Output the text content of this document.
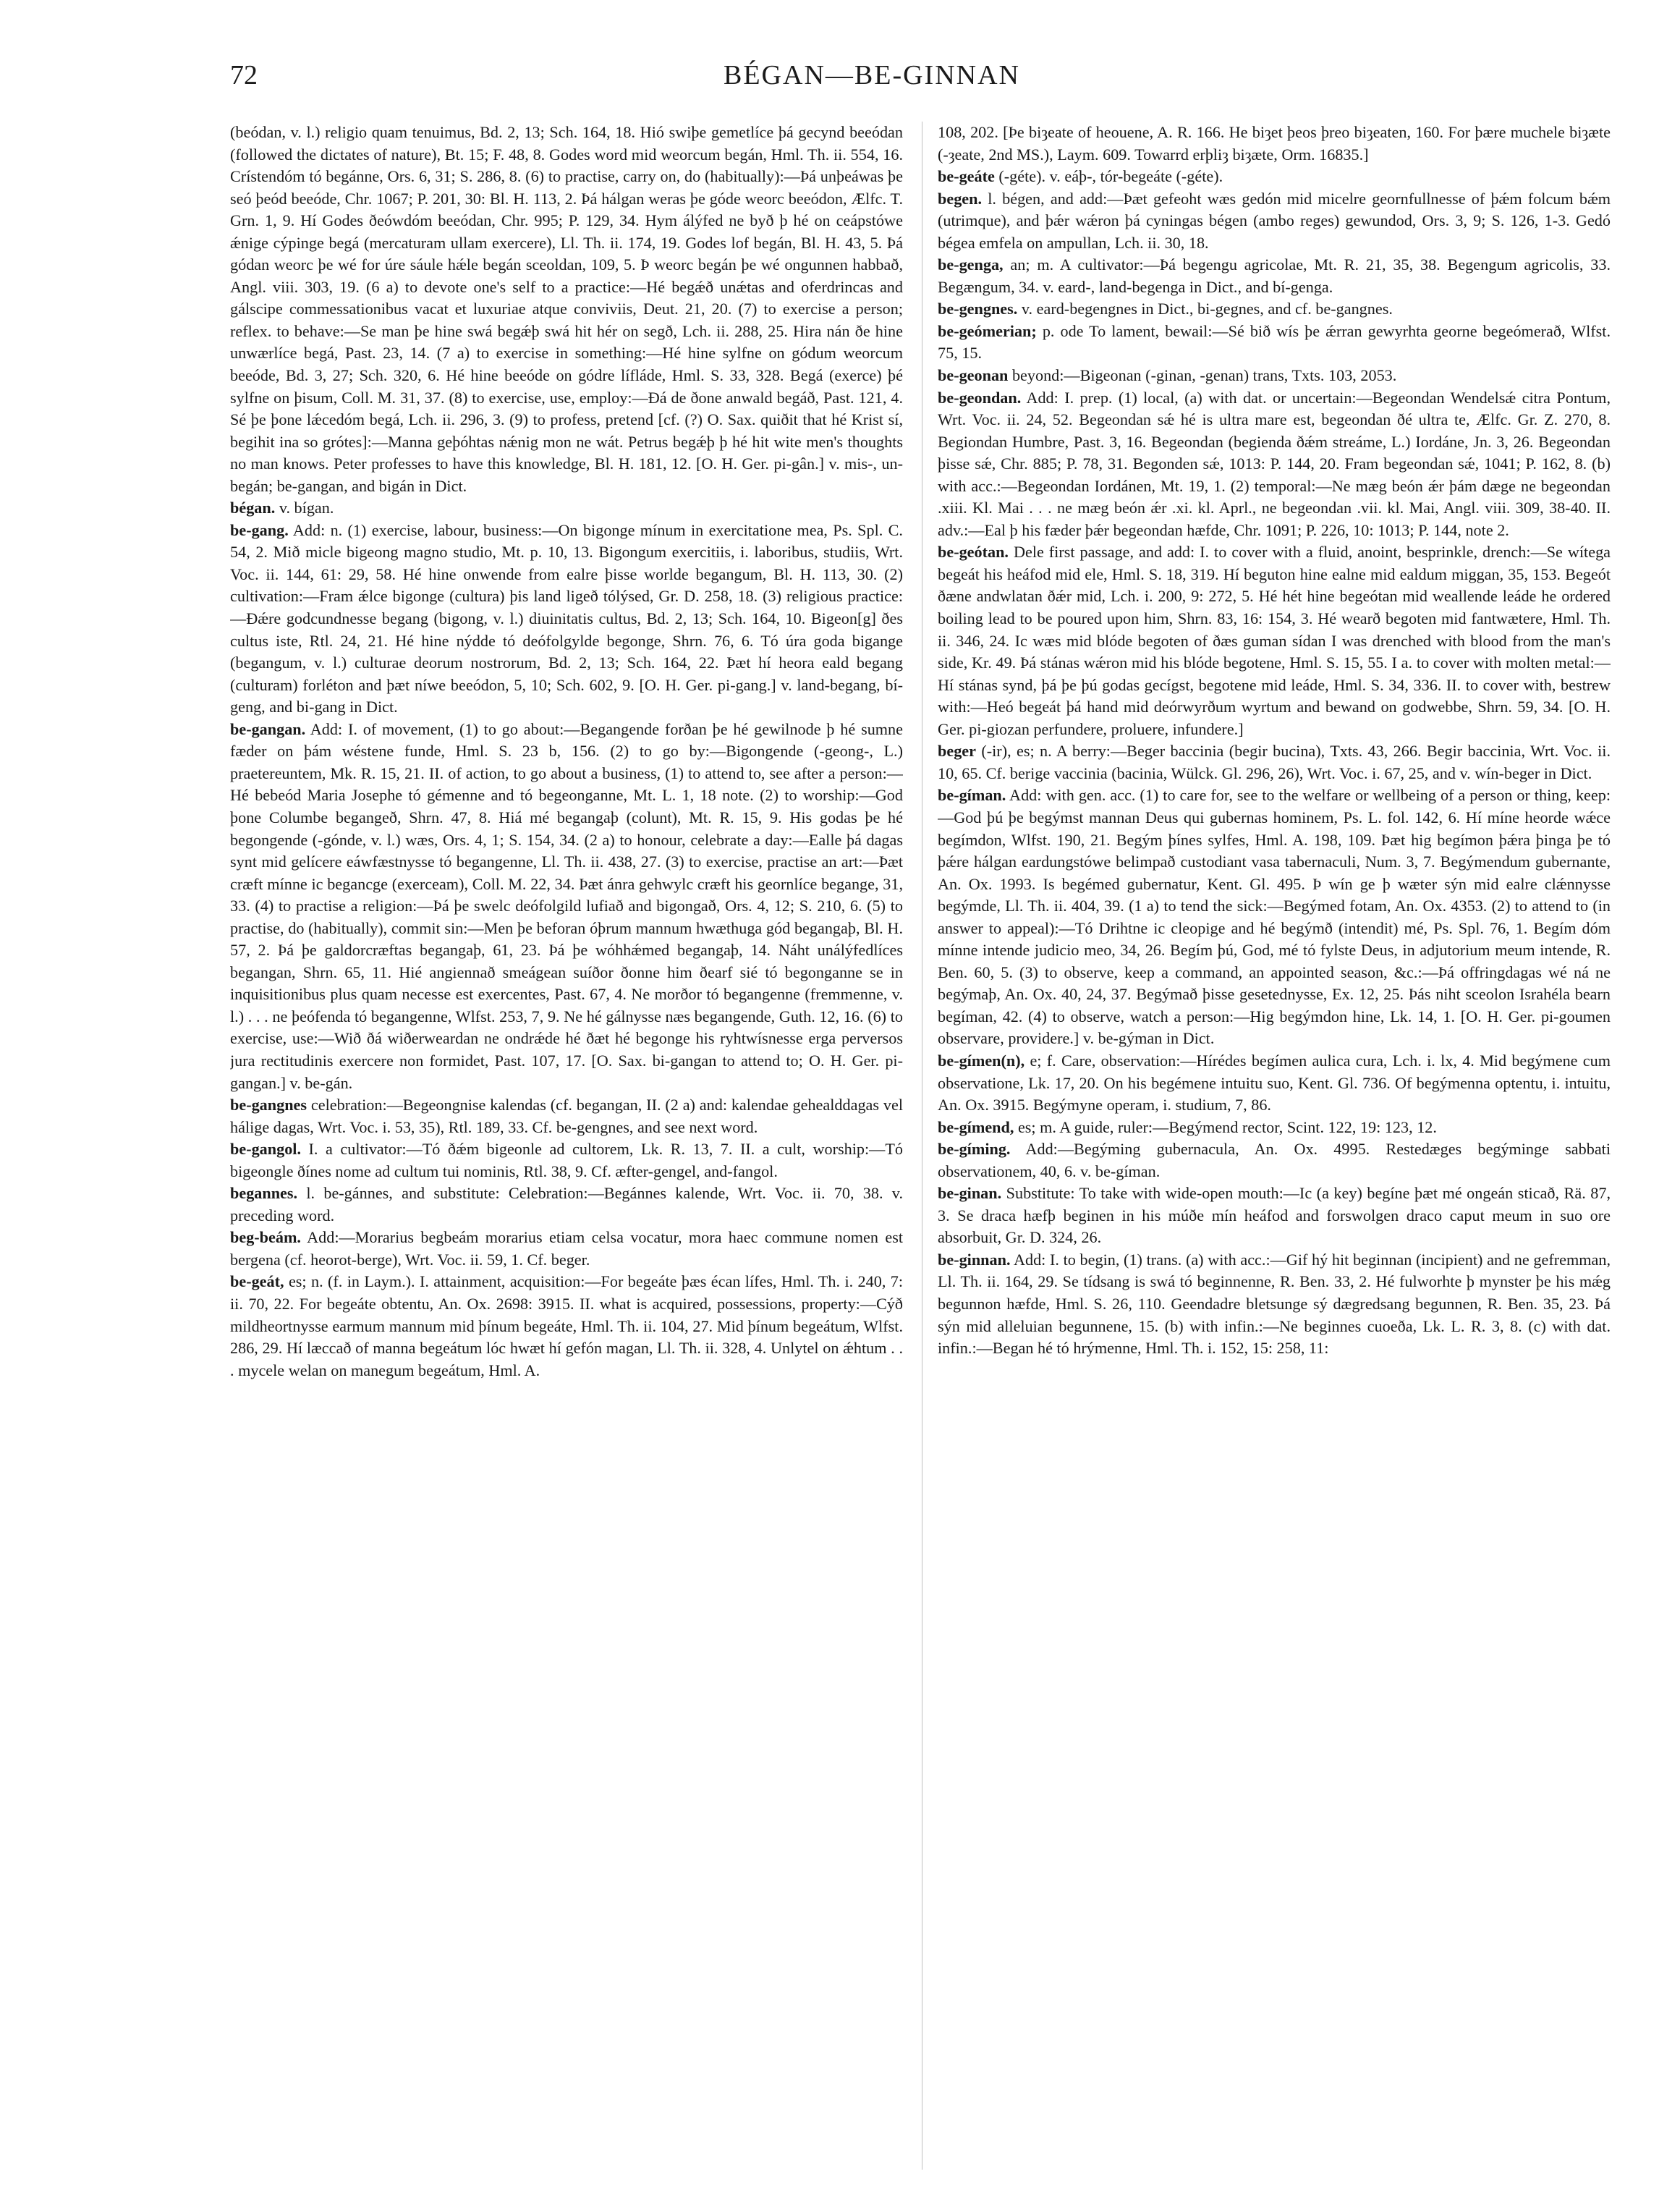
72	BÉGAN—BE-GINNAN

(beódan, v. l.) religio quam tenuimus, Bd. 2, 13; Sch. 164, 18. Hió swiþe gemetlíce þá gecynd beeódan (followed the dictates of nature), Bt. 15; F. 48, 8. Godes word mid weorcum begán, Hml. Th. ii. 554, 16. Crístendóm tó begánne, Ors. 6, 31; S. 286, 8. (6) to practise, carry on, do (habitually):—Þá unþeáwas þe seó þeód beeóde, Chr. 1067; P. 201, 30: Bl. H. 113, 2. Þá hálgan weras þe góde weorc beeódon, Ælfc. T. Grn. 1, 9. Hí Godes ðeówdóm beeódan, Chr. 995; P. 129, 34. Hym álýfed ne byð þ hé on ceápstówe ǽnige cýpinge begá (mercaturam ullam exercere), Ll. Th. ii. 174, 19. Godes lof begán, Bl. H. 43, 5. Þá gódan weorc þe wé for úre sáule hǽle begán sceoldan, 109, 5. Þ weorc begán þe wé ongunnen habbað, Angl. viii. 303, 19. (6 a) to devote one's self to a practice:—Hé begǽð unǽtas and oferdrincas and gálscipe commessationibus vacat et luxuriae atque conviviis, Deut. 21, 20. (7) to exercise a person; reflex. to behave:—Se man þe hine swá begǽþ swá hit hér on segð, Lch. ii. 288, 25. Hira nán ðe hine unwærlíce begá, Past. 23, 14. (7 a) to exercise in something:—Hé hine sylfne on gódum weorcum beeóde, Bd. 3, 27; Sch. 320, 6. Hé hine beeóde on gódre lífláde, Hml. S. 33, 328. Begá (exerce) þé sylfne on þisum, Coll. M. 31, 37. (8) to exercise, use, employ:—Ðá de ðone anwald begáð, Past. 121, 4. Sé þe þone lǽcedóm begá, Lch. ii. 296, 3. (9) to profess, pretend [cf. (?) O. Sax. quiðit that hé Krist sí, begihit ina so grótes]:—Manna geþóhtas nǽnig mon ne wát. Petrus begǽþ þ hé hit wite men's thoughts no man knows. Peter professes to have this knowledge, Bl. H. 181, 12. [O. H. Ger. pi-gân.] v. mis-, un-begán; be-gangan, and bigán in Dict.

bégan. v. bígan.

be-gang. Add: n. (1) exercise, labour, business:—On bigonge mínum in exercitatione mea, Ps. Spl. C. 54, 2. Mið micle bigeong magno studio, Mt. p. 10, 13. Bigongum exercitiis, i. laboribus, studiis, Wrt. Voc. ii. 144, 61: 29, 58. Hé hine onwende from ealre þisse worlde begangum, Bl. H. 113, 30. (2) cultivation:—Fram ǽlce bigonge (cultura) þis land ligeð tólýsed, Gr. D. 258, 18. (3) religious practice:—Ðǽre godcundnesse begang (bigong, v. l.) diuinitatis cultus, Bd. 2, 13; Sch. 164, 10. Bigeon[g] ðes cultus iste, Rtl. 24, 21. Hé hine nýdde tó deófolgylde begonge, Shrn. 76, 6. Tó úra goda bigange (begangum, v. l.) culturae deorum nostrorum, Bd. 2, 13; Sch. 164, 22. Þæt hí heora eald begang (culturam) forléton and þæt níwe beeódon, 5, 10; Sch. 602, 9. [O. H. Ger. pi-gang.] v. land-begang, bí-geng, and bi-gang in Dict.

be-gangan. Add: I. of movement, (1) to go about:—Begangende forðan þe hé gewilnode þ hé sumne fæder on þám wéstene funde, Hml. S. 23 b, 156. (2) to go by:—Bigongende (-geong-, L.) praetereuntem, Mk. R. 15, 21. II. of action, to go about a business, (1) to attend to, see after a person:—Hé bebeód Maria Josephe tó gémenne and tó begeonganne, Mt. L. 1, 18 note. (2) to worship:—God þone Columbe begangeð, Shrn. 47, 8. Hiá mé begangaþ (colunt), Mt. R. 15, 9. His godas þe hé begongende (-gónde, v. l.) wæs, Ors. 4, 1; S. 154, 34. (2 a) to honour, celebrate a day:—Ealle þá dagas synt mid gelícere eáwfæstnysse tó begangenne, Ll. Th. ii. 438, 27. (3) to exercise, practise an art:—Þæt cræft mínne ic begancge (exerceam), Coll. M. 22, 34. Þæt ánra gehwylc cræft his geornlíce begange, 31, 33. (4) to practise a religion:—Þá þe swelc deófolgild lufiað and bigongað, Ors. 4, 12; S. 210, 6. (5) to practise, do (habitually), commit sin:—Men þe beforan óþrum mannum hwæthuga gód begangaþ, Bl. H. 57, 2. Þá þe galdorcræftas begangaþ, 61, 23. Þá þe wóhhǽmed begangaþ, 14. Náht unálýfedlíces begangan, Shrn. 65, 11. Hié angiennað smeágean suíðor ðonne him ðearf sié tó begonganne se in inquisitionibus plus quam necesse est exercentes, Past. 67, 4. Ne morðor tó begangenne (fremmenne, v. l.) . . . ne þeófenda tó begangenne, Wlfst. 253, 7, 9. Ne hé gálnysse næs begangende, Guth. 12, 16. (6) to exercise, use:—Wið ðá wiðerweardan ne ondrǽde hé ðæt hé begonge his ryhtwísnesse erga perversos jura rectitudinis exercere non formidet, Past. 107, 17. [O. Sax. bi-gangan to attend to; O. H. Ger. pi-gangan.] v. be-gán.

be-gangnes celebration:—Begeongnise kalendas (cf. begangan, II. (2 a) and: kalendae gehealddagas vel hálige dagas, Wrt. Voc. i. 53, 35), Rtl. 189, 33. Cf. be-gengnes, and see next word.

be-gangol. I. a cultivator:—Tó ðǽm bigeonle ad cultorem, Lk. R. 13, 7. II. a cult, worship:—Tó bigeongle ðínes nome ad cultum tui nominis, Rtl. 38, 9. Cf. æfter-gengel, and-fangol.

begannes. l. be-gánnes, and substitute: Celebration:—Begánnes kalende, Wrt. Voc. ii. 70, 38. v. preceding word.

beg-beám. Add:—Morarius begbeám morarius etiam celsa vocatur, mora haec commune nomen est bergena (cf. heorot-berge), Wrt. Voc. ii. 59, 1. Cf. beger.

be-geát, es; n. (f. in Laym.). I. attainment, acquisition:—For begeáte þæs écan lífes, Hml. Th. i. 240, 7: ii. 70, 22. For begeáte obtentu, An. Ox. 2698: 3915. II. what is acquired, possessions, property:—Cýð mildheortnysse earmum mannum mid þínum begeáte, Hml. Th. ii. 104, 27. Mid þínum begeátum, Wlfst. 286, 29. Hí læccað of manna begeátum lóc hwæt hí gefón magan, Ll. Th. ii. 328, 4. Unlytel on ǽhtum . . . mycele welan on manegum begeátum, Hml. A.

108, 202. [Þe biȝeate of heouene, A. R. 166. He biȝet þeos þreo biȝeaten, 160. For þære muchele biȝæte (-ȝeate, 2nd MS.), Laym. 609. Towarrd erþliȝ biȝæte, Orm. 16835.]

be-geáte (-géte). v. eáþ-, tór-begeáte (-géte).

begen. l. bégen, and add:—Þæt gefeoht wæs gedón mid micelre geornfullnesse of þǽm folcum bǽm (utrimque), and þǽr wǽron þá cyningas bégen (ambo reges) gewundod, Ors. 3, 9; S. 126, 1-3. Gedó bégea emfela on ampullan, Lch. ii. 30, 18.

be-genga, an; m. A cultivator:—Þá begengu agricolae, Mt. R. 21, 35, 38. Begengum agricolis, 33. Begængum, 34. v. eard-, land-begenga in Dict., and bí-genga.

be-gengnes. v. eard-begengnes in Dict., bi-gegnes, and cf. be-gangnes.

be-geómerian; p. ode To lament, bewail:—Sé bið wís þe ǽrran gewyrhta georne begeómerað, Wlfst. 75, 15.

be-geonan beyond:—Bigeonan (-ginan, -genan) trans, Txts. 103, 2053.

be-geondan. Add: I. prep. (1) local, (a) with dat. or uncertain:—Begeondan Wendelsǽ citra Pontum, Wrt. Voc. ii. 24, 52. Begeondan sǽ hé is ultra mare est, begeondan ðé ultra te, Ælfc. Gr. Z. 270, 8. Begiondan Humbre, Past. 3, 16. Begeondan (begienda ðǽm streáme, L.) Iordáne, Jn. 3, 26. Begeondan þisse sǽ, Chr. 885; P. 78, 31. Begonden sǽ, 1013: P. 144, 20. Fram begeondan sǽ, 1041; P. 162, 8. (b) with acc.:—Begeondan Iordánen, Mt. 19, 1. (2) temporal:—Ne mæg beón ǽr þám dæge ne begeondan .xiii. Kl. Mai . . . ne mæg beón ǽr .xi. kl. Aprl., ne begeondan .vii. kl. Mai, Angl. viii. 309, 38-40. II. adv.:—Eal þ his fæder þǽr begeondan hæfde, Chr. 1091; P. 226, 10: 1013; P. 144, note 2.

be-geótan. Dele first passage, and add: I. to cover with a fluid, anoint, besprinkle, drench:—Se wítega begeát his heáfod mid ele, Hml. S. 18, 319. Hí beguton hine ealne mid ealdum miggan, 35, 153. Begeót ðæne andwlatan ðǽr mid, Lch. i. 200, 9: 272, 5. Hé hét hine begeótan mid weallende leáde he ordered boiling lead to be poured upon him, Shrn. 83, 16: 154, 3. Hé wearð begoten mid fantwætere, Hml. Th. ii. 346, 24. Ic wæs mid blóde begoten of ðæs guman sídan I was drenched with blood from the man's side, Kr. 49. Þá stánas wǽron mid his blóde begotene, Hml. S. 15, 55. I a. to cover with molten metal:—Hí stánas synd, þá þe þú godas gecígst, begotene mid leáde, Hml. S. 34, 336. II. to cover with, bestrew with:—Heó begeát þá hand mid deórwyrðum wyrtum and bewand on godwebbe, Shrn. 59, 34. [O. H. Ger. pi-giozan perfundere, proluere, infundere.]

beger (-ir), es; n. A berry:—Beger baccinia (begir bucina), Txts. 43, 266. Begir baccinia, Wrt. Voc. ii. 10, 65. Cf. berige vaccinia (bacinia, Wülck. Gl. 296, 26), Wrt. Voc. i. 67, 25, and v. wín-beger in Dict.

be-gíman. Add: with gen. acc. (1) to care for, see to the welfare or wellbeing of a person or thing, keep:—God þú þe begýmst mannan Deus qui gubernas hominem, Ps. L. fol. 142, 6. Hí míne heorde wǽce begímdon, Wlfst. 190, 21. Begým þínes sylfes, Hml. A. 198, 109. Þæt hig begímon þǽra þinga þe tó þǽre hálgan eardungstówe belimpað custodiant vasa tabernaculi, Num. 3, 7. Begýmendum gubernante, An. Ox. 1993. Is begémed gubernatur, Kent. Gl. 495. Þ wín ge þ wæter sýn mid ealre clǽnnysse begýmde, Ll. Th. ii. 404, 39. (1 a) to tend the sick:—Begýmed fotam, An. Ox. 4353. (2) to attend to (in answer to appeal):—Tó Drihtne ic cleopige and hé begýmð (intendit) mé, Ps. Spl. 76, 1. Begím dóm mínne intende judicio meo, 34, 26. Begím þú, God, mé tó fylste Deus, in adjutorium meum intende, R. Ben. 60, 5. (3) to observe, keep a command, an appointed season, &c.:—Þá offringdagas wé ná ne begýmaþ, An. Ox. 40, 24, 37. Begýmað þisse gesetednysse, Ex. 12, 25. Þás niht sceolon Israhéla bearn begíman, 42. (4) to observe, watch a person:—Hig begýmdon hine, Lk. 14, 1. [O. H. Ger. pi-goumen observare, providere.] v. be-gýman in Dict.

be-gímen(n), e; f. Care, observation:—Hírédes begímen aulica cura, Lch. i. lx, 4. Mid begýmene cum observatione, Lk. 17, 20. On his begémene intuitu suo, Kent. Gl. 736. Of begýmenna optentu, i. intuitu, An. Ox. 3915. Begýmyne operam, i. studium, 7, 86.

be-gímend, es; m. A guide, ruler:—Begýmend rector, Scint. 122, 19: 123, 12.

be-gíming. Add:—Begýming gubernacula, An. Ox. 4995. Restedæges begýminge sabbati observationem, 40, 6. v. be-gíman.

be-ginan. Substitute: To take with wide-open mouth:—Ic (a key) begíne þæt mé ongeán sticað, Rä. 87, 3. Se draca hæfþ beginen in his múðe mín heáfod and forswolgen draco caput meum in suo ore absorbuit, Gr. D. 324, 26.

be-ginnan. Add: I. to begin, (1) trans. (a) with acc.:—Gif hý hit beginnan (incipient) and ne gefremman, Ll. Th. ii. 164, 29. Se tídsang is swá tó beginnenne, R. Ben. 33, 2. Hé fulworhte þ mynster þe his mǽg begunnon hæfde, Hml. S. 26, 110. Geendadre bletsunge sý dægredsang begunnen, R. Ben. 35, 23. Þá sýn mid alleluian begunnene, 15. (b) with infin.:—Ne beginnes cuoeða, Lk. L. R. 3, 8. (c) with dat. infin.:—Began hé tó hrýmenne, Hml. Th. i. 152, 15: 258, 11:
